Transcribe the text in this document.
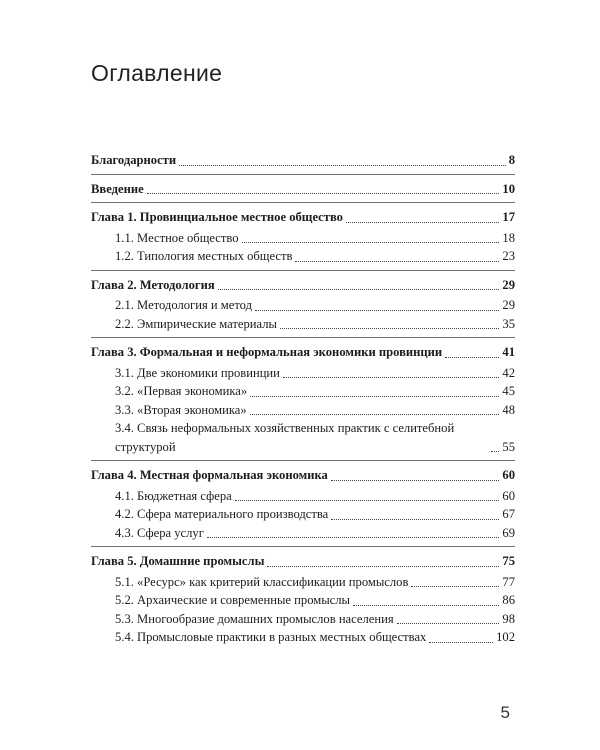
Оглавление
Благодарности	8
Введение	10
Глава 1. Провинциальное местное общество	17
1.1. Местное общество	18
1.2. Типология местных обществ	23
Глава 2. Методология	29
2.1. Методология и метод	29
2.2. Эмпирические материалы	35
Глава 3. Формальная и неформальная экономики провинции	41
3.1. Две экономики провинции	42
3.2. «Первая экономика»	45
3.3. «Вторая экономика»	48
3.4. Связь неформальных хозяйственных практик с селитебной структурой	55
Глава 4. Местная формальная экономика	60
4.1. Бюджетная сфера	60
4.2. Сфера материального производства	67
4.3. Сфера услуг	69
Глава 5. Домашние промыслы	75
5.1. «Ресурс» как критерий классификации промыслов	77
5.2. Архаические и современные промыслы	86
5.3. Многообразие домашних промыслов населения	98
5.4. Промысловые практики в разных местных обществах	102
5
